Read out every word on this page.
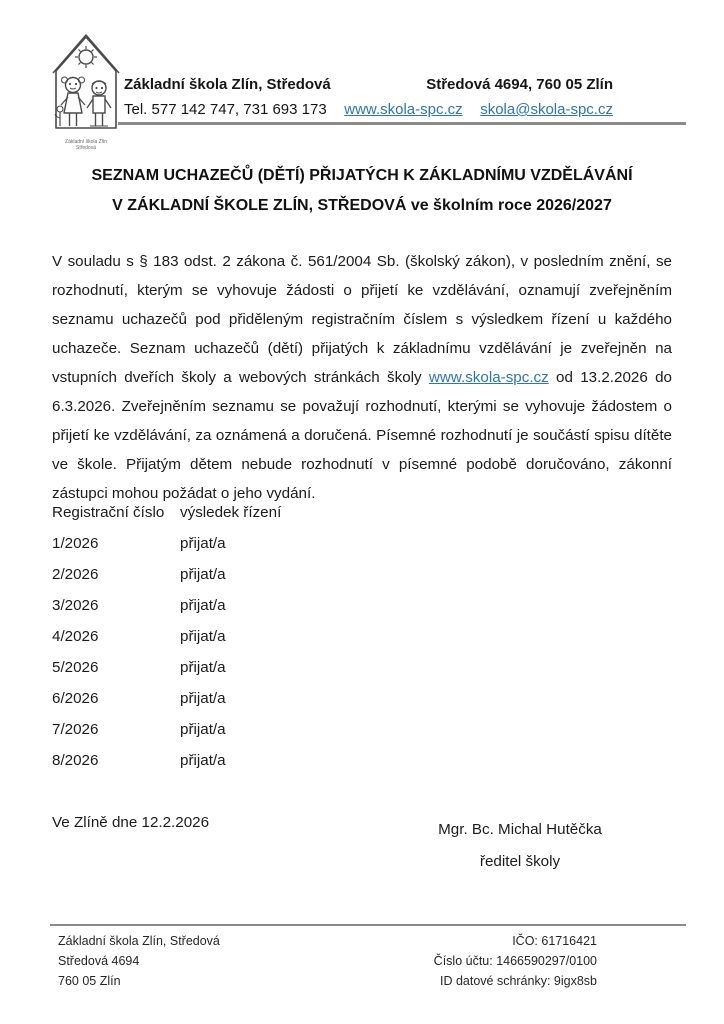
Základní škola Zlín
Středová
Základní škola Zlín, Středová	Středová 4694, 760 05 Zlín
Tel. 577 142 747, 731 693 173 www.skola-spc.cz skola@skola-spc.cz
SEZNAM UCHAZEČŮ (DĚTÍ) PŘIJATÝCH K ZÁKLADNÍMU VZDĚLÁVÁNÍ
V ZÁKLADNÍ ŠKOLE ZLÍN, STŘEDOVÁ ve školním roce 2026/2027
V souladu s § 183 odst. 2 zákona č. 561/2004 Sb. (školský zákon), v posledním znění, se rozhodnutí, kterým se vyhovuje žádosti o přijetí ke vzdělávání, oznamují zveřejněním seznamu uchazečů pod přiděleným registračním číslem s výsledkem řízení u každého uchazeče. Seznam uchazečů (dětí) přijatých k základnímu vzdělávání je zveřejněn na vstupních dveřích školy a webových stránkách školy www.skola-spc.cz od 13.2.2026 do 6.3.2026. Zveřejněním seznamu se považují rozhodnutí, kterými se vyhovuje žádostem o přijetí ke vzdělávání, za oznámená a doručená. Písemné rozhodnutí je součástí spisu dítěte ve škole. Přijatým dětem nebude rozhodnutí v písemné podobě doručováno, zákonní zástupci mohou požádat o jeho vydání.
Registrační číslo	výsledek řízení
1/2026	přijat/a
2/2026	přijat/a
3/2026	přijat/a
4/2026	přijat/a
5/2026	přijat/a
6/2026	přijat/a
7/2026	přijat/a
8/2026	přijat/a
Ve Zlíně dne 12.2.2026	Mgr. Bc. Michal Hutěčka
ředitel školy
Základní škola Zlín, Středová
Středová 4694
760 05 Zlín
IČO: 61716421
Číslo účtu: 1466590297/0100
ID datové schránky: 9igx8sb
